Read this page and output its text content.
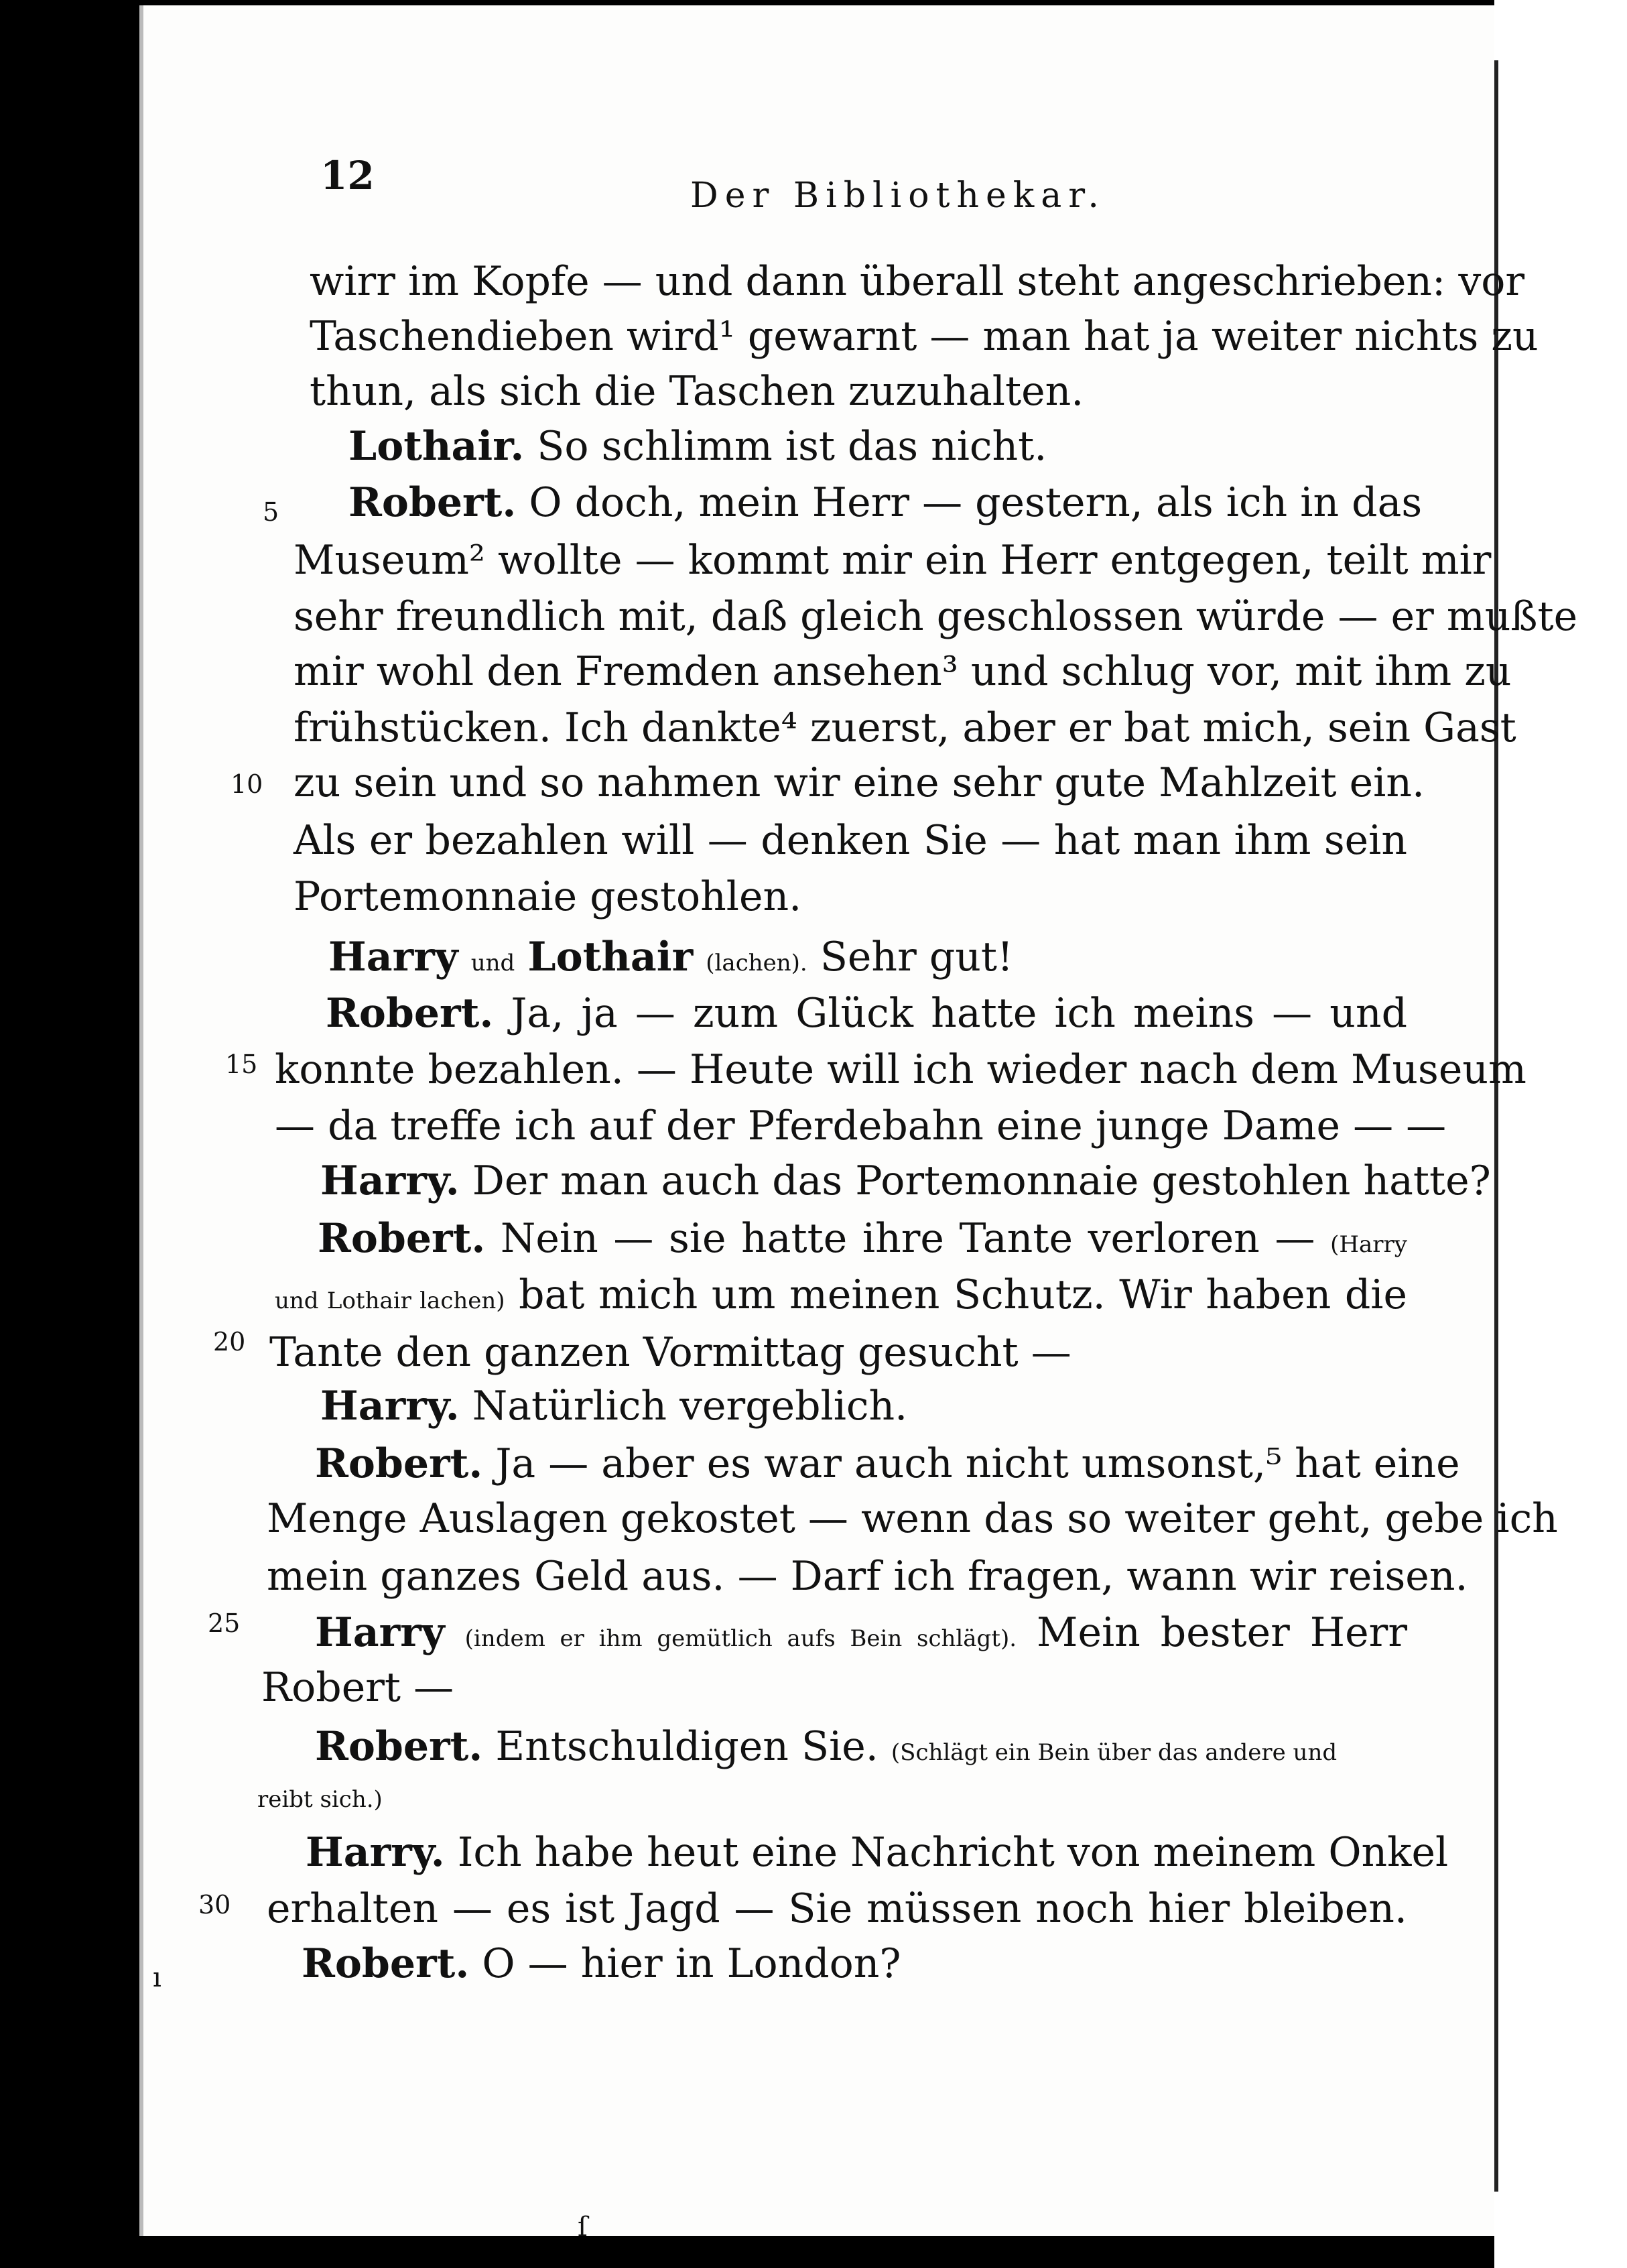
12	Der Bibliothekar.
wirr im Kopfe — und dann überall steht angeschrieben: vor
Taschendieben wird¹ gewarnt — man hat ja weiter nichts zu
thun, als sich die Taschen zuzuhalten.
Lothair. So schlimm ist das nicht.
Robert. O doch, mein Herr — gestern, als ich in das
Museum² wollte — kommt mir ein Herr entgegen, teilt mir
sehr freundlich mit, daß gleich geschlossen würde — er mußte
mir wohl den Fremden ansehen³ und schlug vor, mit ihm zu
frühstücken. Ich dankte⁴ zuerst, aber er bat mich, sein Gast
zu sein und so nahmen wir eine sehr gute Mahlzeit ein.
Als er bezahlen will — denken Sie — hat man ihm sein
Portemonnaie gestohlen.
Harry und Lothair (lachen). Sehr gut!
Robert. Ja, ja — zum Glück hatte ich meins — und
konnte bezahlen. — Heute will ich wieder nach dem Museum
— da treffe ich auf der Pferdebahn eine junge Dame — —
Harry. Der man auch das Portemonnaie gestohlen hatte?
Robert. Nein — sie hatte ihre Tante verloren — (Harry
und Lothair lachen) bat mich um meinen Schutz. Wir haben die
Tante den ganzen Vormittag gesucht —
Harry. Natürlich vergeblich.
Robert. Ja — aber es war auch nicht umsonst,⁵ hat eine
Menge Auslagen gekostet — wenn das so weiter geht, gebe ich
mein ganzes Geld aus. — Darf ich fragen, wann wir reisen.
Harry (indem er ihm gemütlich aufs Bein schlägt). Mein bester Herr
Robert —
Robert. Entschuldigen Sie. (Schlägt ein Bein über das andere und
reibt sich.)
Harry. Ich habe heut eine Nachricht von meinem Onkel
erhalten — es ist Jagd — Sie müssen noch hier bleiben.
Robert. O — hier in London?
5
10
15
20
25
30
ı
ſ
